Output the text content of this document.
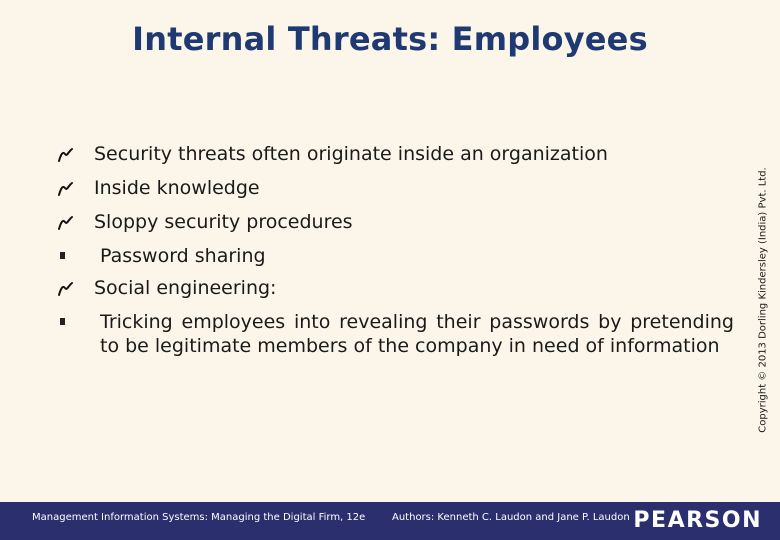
Internal Threats: Employees
Security threats often originate inside an organization
Inside knowledge
Sloppy security procedures
Password sharing
Social engineering:
Tricking employees into revealing their passwords by pretending to be legitimate members of the company in need of information	Copyright © 2013 Dorling Kindersley (India) Pvt. Ltd.
Management Information Systems: Managing the Digital Firm, 12e	Authors: Kenneth C. Laudon and Jane P. Laudon PEARSON
